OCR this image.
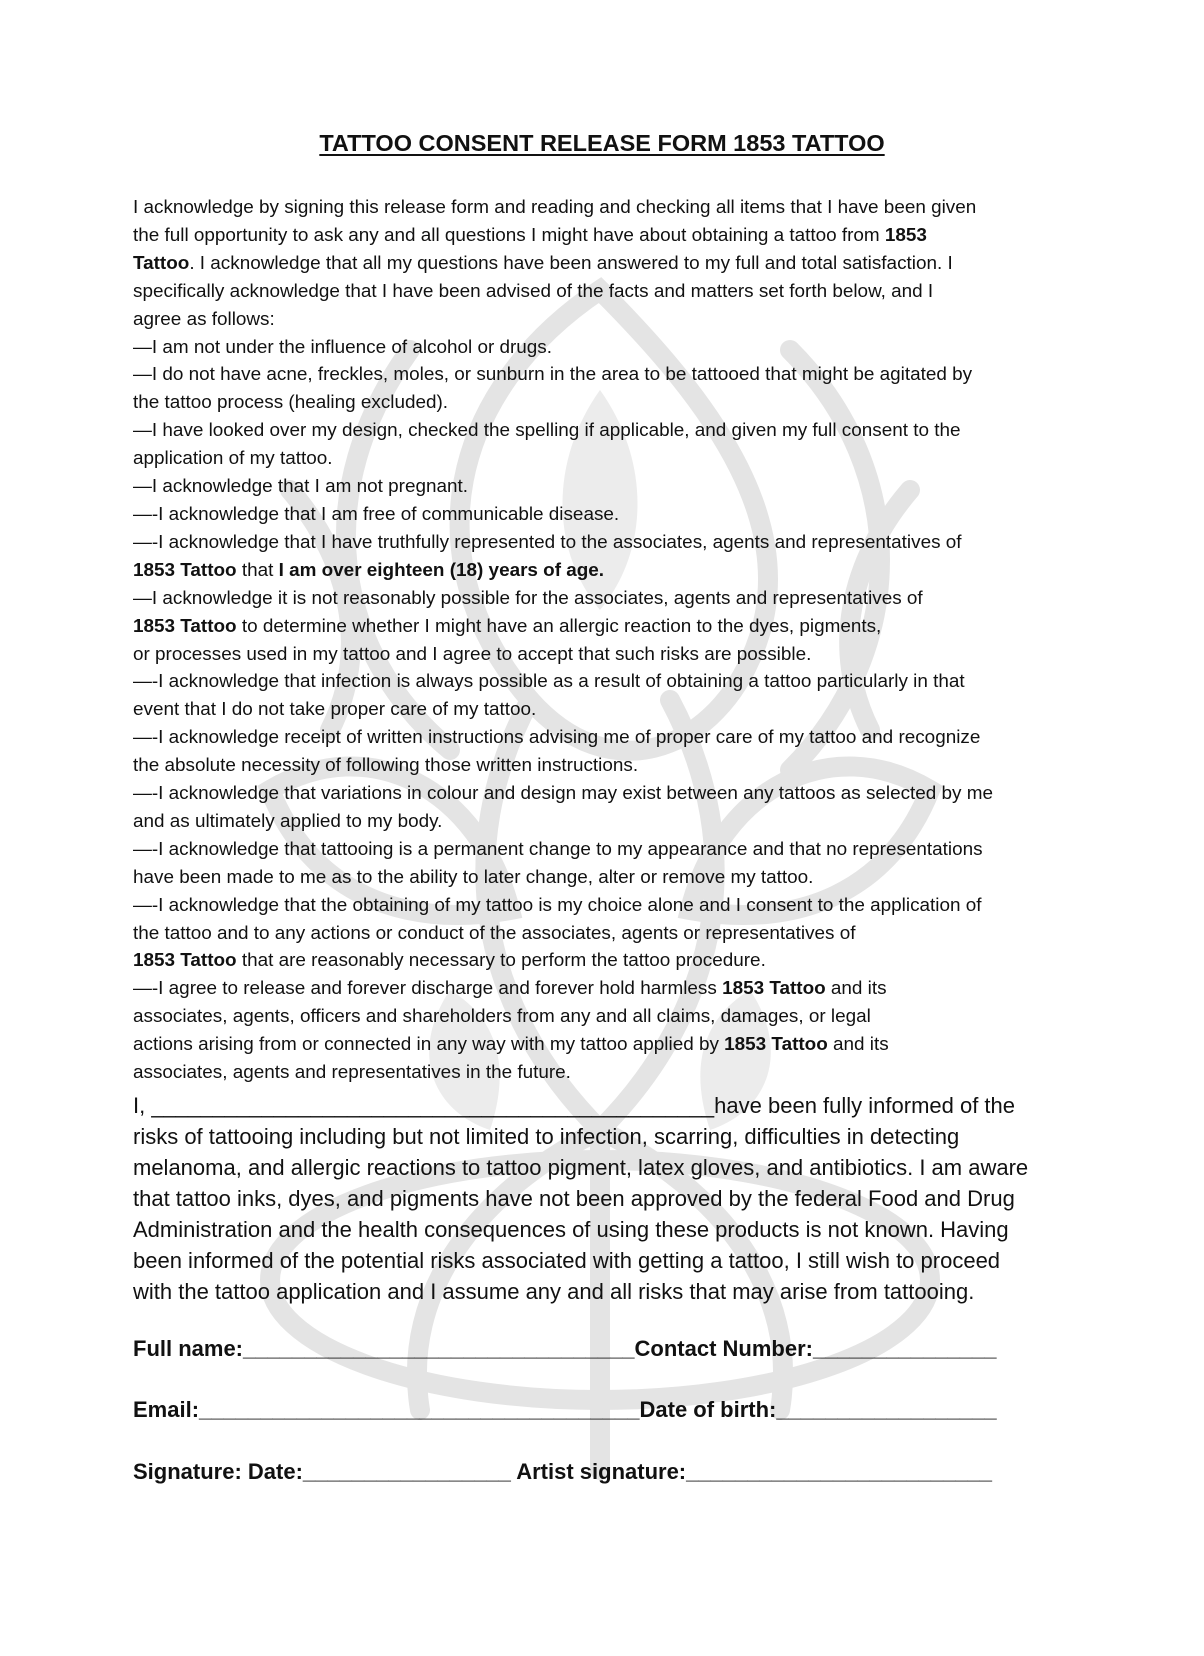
TATTOO CONSENT RELEASE FORM 1853 TATTOO
I acknowledge by signing this release form and reading and checking all items that I have been given
the full opportunity to ask any and all questions I might have about obtaining a tattoo from 1853
Tattoo. I acknowledge that all my questions have been answered to my full and total satisfaction. I
specifically acknowledge that I have been advised of the facts and matters set forth below, and I
agree as follows:
—I am not under the influence of alcohol or drugs.
—I do not have acne, freckles, moles, or sunburn in the area to be tattooed that might be agitated by
the tattoo process (healing excluded).
—I have looked over my design, checked the spelling if applicable, and given my full consent to the
application of my tattoo.
—I acknowledge that I am not pregnant.
—-I acknowledge that I am free of communicable disease.
—-I acknowledge that I have truthfully represented to the associates, agents and representatives of
1853 Tattoo that I am over eighteen (18) years of age.
—I acknowledge it is not reasonably possible for the associates, agents and representatives of
1853 Tattoo to determine whether I might have an allergic reaction to the dyes, pigments,
or processes used in my tattoo and I agree to accept that such risks are possible.
—-I acknowledge that infection is always possible as a result of obtaining a tattoo particularly in that
event that I do not take proper care of my tattoo.
—-I acknowledge receipt of written instructions advising me of proper care of my tattoo and recognize
the absolute necessity of following those written instructions.
—-I acknowledge that variations in colour and design may exist between any tattoos as selected by me
and as ultimately applied to my body.
—-I acknowledge that tattooing is a permanent change to my appearance and that no representations
have been made to me as to the ability to later change, alter or remove my tattoo.
—-I acknowledge that the obtaining of my tattoo is my choice alone and I consent to the application of
the tattoo and to any actions or conduct of the associates, agents or representatives of
1853 Tattoo that are reasonably necessary to perform the tattoo procedure.
—-I agree to release and forever discharge and forever hold harmless 1853 Tattoo and its
associates, agents, officers and shareholders from any and all claims, damages, or legal
actions arising from or connected in any way with my tattoo applied by 1853 Tattoo and its
associates, agents and representatives in the future.
I, ______________________________________________have been fully informed of the
risks of tattooing including but not limited to infection, scarring, difficulties in detecting
melanoma, and allergic reactions to tattoo pigment, latex gloves, and antibiotics. I am aware
that tattoo inks, dyes, and pigments have not been approved by the federal Food and Drug
Administration and the health consequences of using these products is not known. Having
been informed of the potential risks associated with getting a tattoo, I still wish to proceed
with the tattoo application and I assume any and all risks that may arise from tattooing.
Full name:________________________________Contact Number:_______________
Email:____________________________________Date of birth:__________________
Signature: Date:_________________ Artist signature:_________________________
